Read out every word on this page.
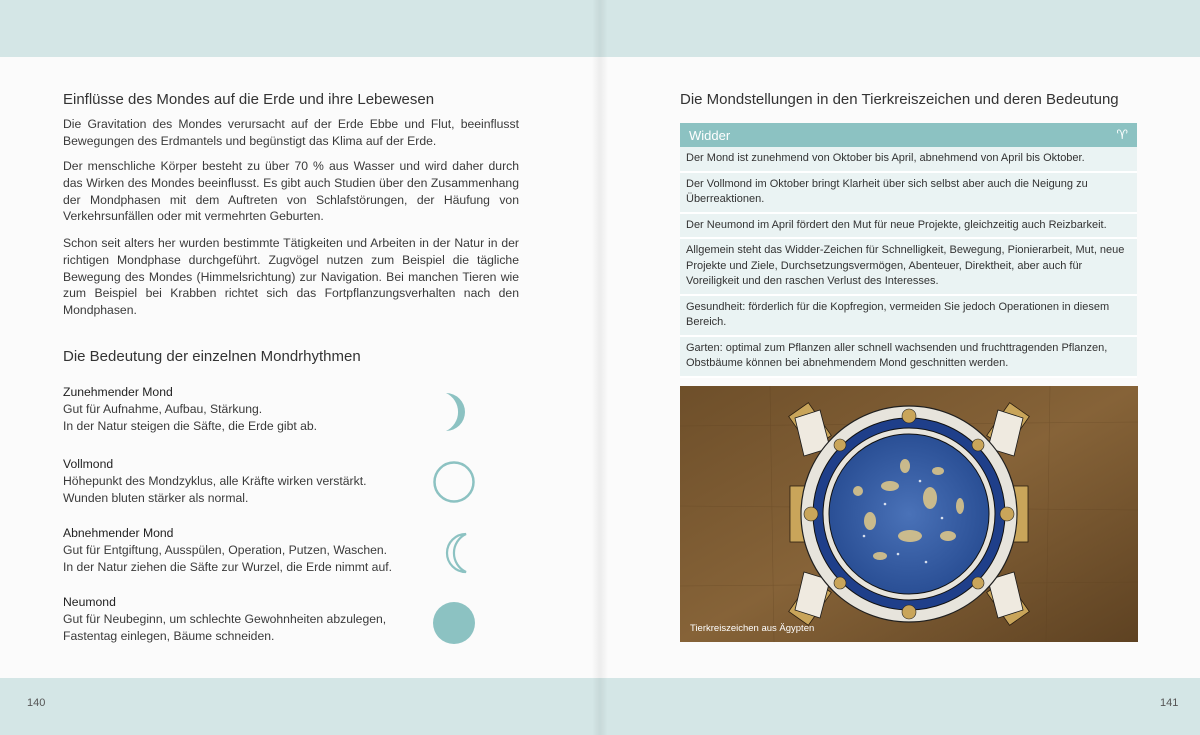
Einflüsse des Mondes auf die Erde und ihre Lebewesen

Die Gravitation des Mondes verursacht auf der Erde Ebbe und Flut, beeinflusst Bewegungen des Erdmantels und begünstigt das Klima auf der Erde.

Der menschliche Körper besteht zu über 70 % aus Wasser und wird daher durch das Wirken des Mondes beeinflusst. Es gibt auch Studien über den Zusammenhang der Mondphasen mit dem Auftreten von Schlafstörungen, der Häufung von Verkehrsunfällen oder mit vermehrten Geburten.

Schon seit alters her wurden bestimmte Tätigkeiten und Arbeiten in der Natur in der richtigen Mondphase durchgeführt. Zugvögel nutzen zum Beispiel die tägliche Bewegung des Mondes (Himmelsrichtung) zur Navigation. Bei manchen Tieren wie zum Beispiel bei Krabben richtet sich das Fortpflanzungsverhalten nach den Mondphasen.

Die Bedeutung der einzelnen Mondrhythmen
Zunehmender Mond
Gut für Aufnahme, Aufbau, Stärkung.
In der Natur steigen die Säfte, die Erde gibt ab.
Vollmond
Höhepunkt des Mondzyklus, alle Kräfte wirken verstärkt.
Wunden bluten stärker als normal.
Abnehmender Mond
Gut für Entgiftung, Ausspülen, Operation, Putzen, Waschen.
In der Natur ziehen die Säfte zur Wurzel, die Erde nimmt auf.
Neumond
Gut für Neubeginn, um schlechte Gewohnheiten abzulegen,
Fastentag einlegen, Bäume schneiden.
140
Die Mondstellungen in den Tierkreiszeichen und deren Bedeutung
Widder	♈
Der Mond ist zunehmend von Oktober bis April, abnehmend von April bis Oktober.
Der Vollmond im Oktober bringt Klarheit über sich selbst aber auch die Neigung zu Überreaktionen.
Der Neumond im April fördert den Mut für neue Projekte, gleichzeitig auch Reizbarkeit.
Allgemein steht das Widder-Zeichen für Schnelligkeit, Bewegung, Pionierarbeit, Mut, neue Projekte und Ziele, Durchsetzungsvermögen, Abenteuer, Direktheit, aber auch für Voreiligkeit und den raschen Verlust des Interesses.
Gesundheit: förderlich für die Kopfregion, vermeiden Sie jedoch Operationen in diesem Bereich.
Garten: optimal zum Pflanzen aller schnell wachsenden und fruchttragenden Pflanzen, Obstbäume können bei abnehmendem Mond geschnitten werden.
Tierkreiszeichen aus Ägypten
141
